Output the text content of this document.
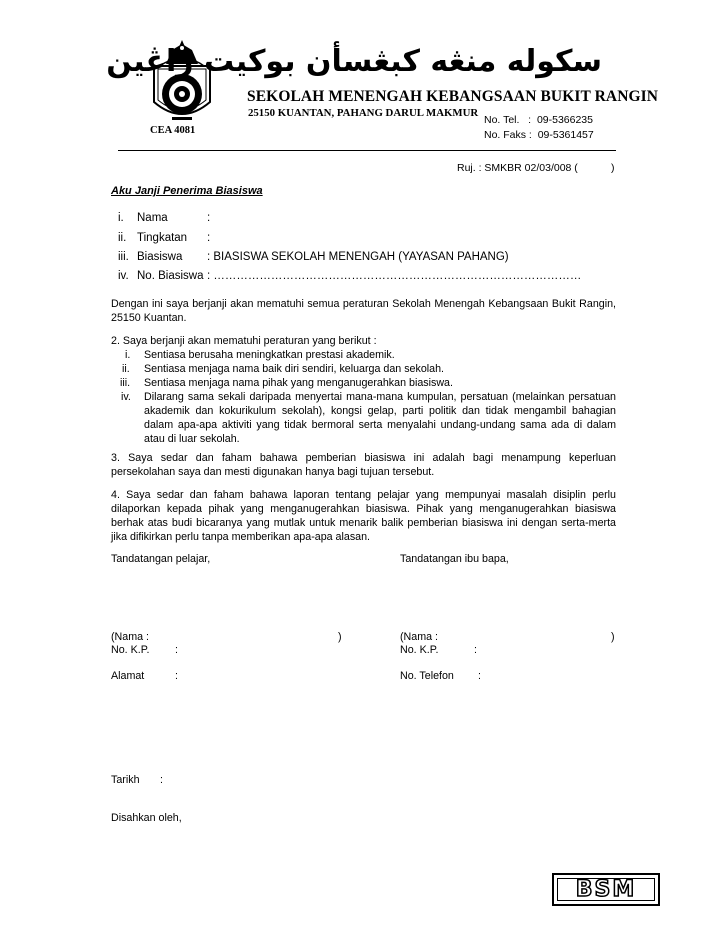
CEA 4081
سكوله منڠه كبڠسأن بوكيت راڠين
SEKOLAH MENENGAH KEBANGSAAN BUKIT RANGIN
25150 KUANTAN, PAHANG DARUL MAKMUR
No. Tel.   :  09-5366235
No. Faks :  09-5361457
Ruj. : SMKBR 02/03/008 (	)
Aku Janji Penerima Biasiswa
i. Nama	:
ii. Tingkatan :
iii. Biasiswa : BIASISWA SEKOLAH MENENGAH (YAYASAN PAHANG)
iv. No. Biasiswa : ……………………………………………………………………………………
Dengan ini saya berjanji akan mematuhi semua peraturan Sekolah Menengah Kebangsaan Bukit Rangin, 25150 Kuantan.
2. Saya berjanji akan mematuhi peraturan yang berikut :
i. Sentiasa berusaha meningkatkan prestasi akademik.
ii. Sentiasa menjaga nama baik diri sendiri, keluarga dan sekolah.
iii. Sentiasa menjaga nama pihak yang menganugerahkan biasiswa.
iv. Dilarang sama sekali daripada menyertai mana-mana kumpulan, persatuan (melainkan persatuan akademik dan kokurikulum sekolah), kongsi gelap, parti politik dan tidak mengambil bahagian dalam apa-apa aktiviti yang tidak bermoral serta menyalahi undang-undang sama ada di dalam atau di luar sekolah.
3. Saya sedar dan faham bahawa pemberian biasiswa ini adalah bagi menampung keperluan persekolahan saya dan mesti digunakan hanya bagi tujuan tersebut.
4. Saya sedar dan faham bahawa laporan tentang pelajar yang mempunyai masalah disiplin perlu dilaporkan kepada pihak yang menganugerahkan biasiswa. Pihak yang menganugerahkan biasiswa berhak atas budi bicaranya yang mutlak untuk menarik balik pemberian biasiswa ini dengan serta-merta jika difikirkan perlu tanpa memberikan apa-apa alasan.
Tandatangan pelajar,	Tandatangan ibu bapa,
(Nama :	)	(Nama :	)
No. K.P. :	No. K.P.	:
Alamat	:	No. Telefon :
Tarikh :
Disahkan oleh,
BSM
